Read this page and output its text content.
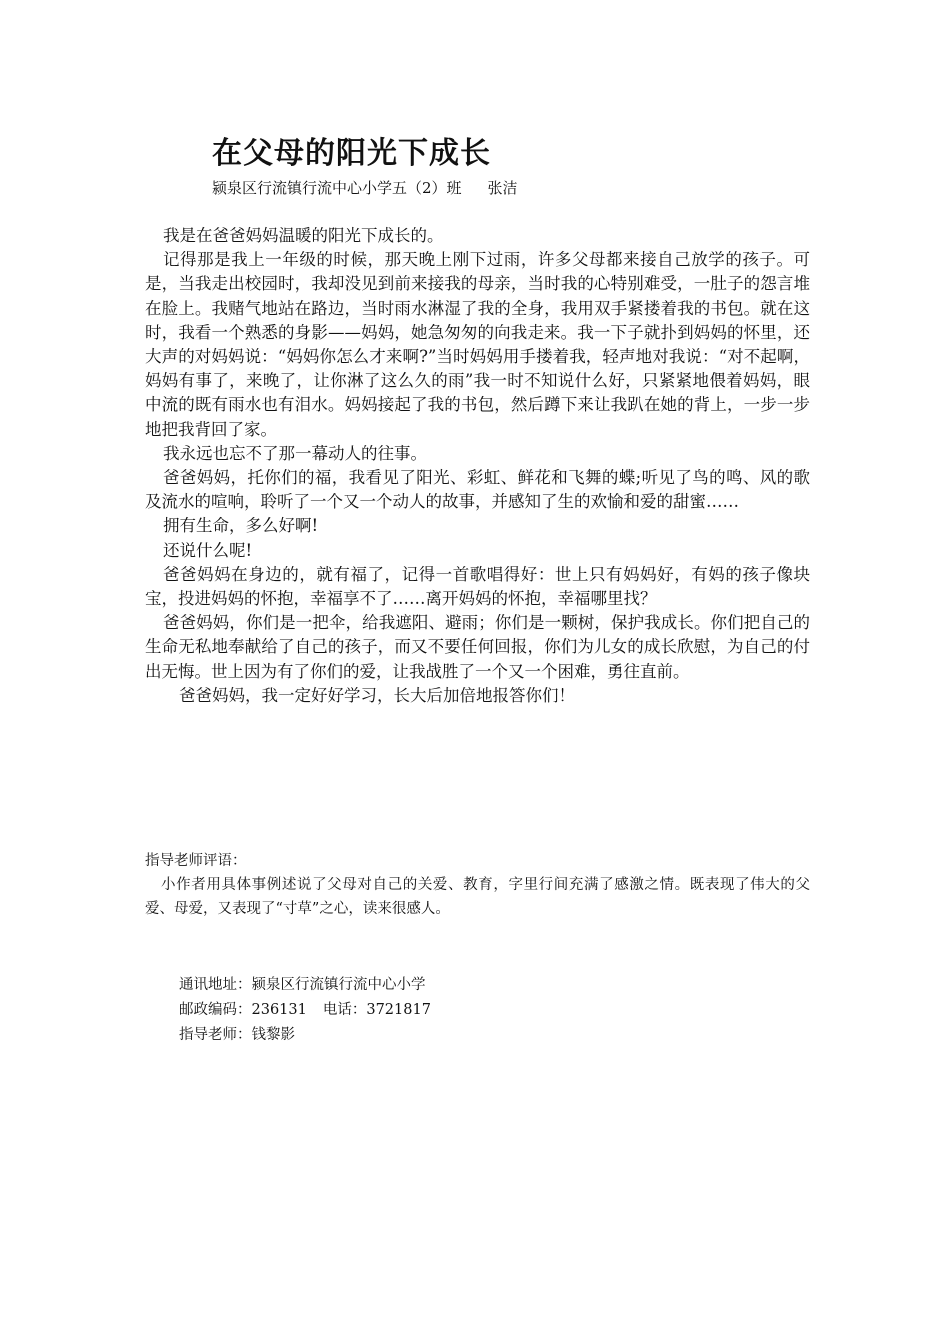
在父母的阳光下成长
颍泉区行流镇行流中心小学五（2）班 张洁

我是在爸爸妈妈温暖的阳光下成长的。

记得那是我上一年级的时候，那天晚上刚下过雨，许多父母都来接自己放学的孩子。可是，当我走出校园时，我却没见到前来接我的母亲，当时我的心特别难受，一肚子的怨言堆在脸上。我赌气地站在路边，当时雨水淋湿了我的全身，我用双手紧搂着我的书包。就在这时，我看一个熟悉的身影——妈妈，她急匆匆的向我走来。我一下子就扑到妈妈的怀里，还大声的对妈妈说：“妈妈你怎么才来啊?”当时妈妈用手搂着我，轻声地对我说：“对不起啊，妈妈有事了，来晚了，让你淋了这么久的雨”我一时不知说什么好，只紧紧地偎着妈妈，眼中流的既有雨水也有泪水。妈妈接起了我的书包，然后蹲下来让我趴在她的背上，一步一步地把我背回了家。

我永远也忘不了那一幕动人的往事。

爸爸妈妈，托你们的福，我看见了阳光、彩虹、鲜花和飞舞的蝶;听见了鸟的鸣、风的歌及流水的喧响，聆听了一个又一个动人的故事，并感知了生的欢愉和爱的甜蜜……

拥有生命，多么好啊!

还说什么呢!

爸爸妈妈在身边的，就有福了，记得一首歌唱得好：世上只有妈妈好，有妈的孩子像块宝，投进妈妈的怀抱，幸福享不了……离开妈妈的怀抱，幸福哪里找？

爸爸妈妈，你们是一把伞，给我遮阳、避雨；你们是一颗树，保护我成长。你们把自己的生命无私地奉献给了自己的孩子，而又不要任何回报，你们为儿女的成长欣慰，为自己的付出无悔。世上因为有了你们的爱，让我战胜了一个又一个困难，勇往直前。

爸爸妈妈，我一定好好学习，长大后加倍地报答你们！

指导老师评语：

小作者用具体事例述说了父母对自己的关爱、教育，字里行间充满了感激之情。既表现了伟大的父爱、母爱，又表现了“寸草”之心，读来很感人。

通讯地址：颍泉区行流镇行流中心小学

邮政编码：236131 电话：3721817

指导老师：钱黎影
